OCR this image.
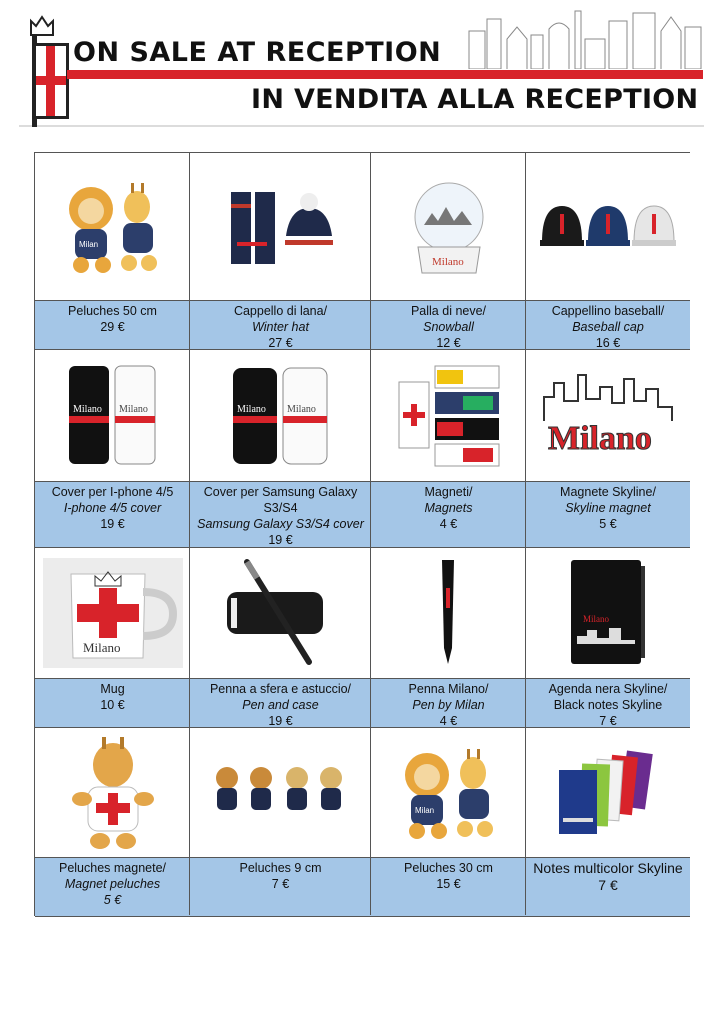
ON SALE AT RECEPTION
IN VENDITA ALLA RECEPTION
Milan
Peluches 50 cm
29 €
Cappello di lana/
Winter hat
27 €
Milano
Palla di neve/
Snowball
12 €
Cappellino baseball/
Baseball cap
16 €
Milano Milano
Cover per I-phone 4/5
I-phone 4/5 cover
19 €
Milano Milano
Cover per Samsung Galaxy
S3/S4
Samsung Galaxy S3/S4 cover
19 €
Magneti/
Magnets
4 €
Milano
Magnete Skyline/
Skyline magnet
5 €
Milano
Mug
10 €
Penna a sfera e astuccio/
Pen and case
19 €
Penna Milano/
Pen by Milan
4 €
Milano
Agenda nera Skyline/
Black notes Skyline
7 €
Peluches magnete/
Magnet peluches
5 €
Peluches 9 cm
7 €
Milan
Peluches 30 cm
15 €
Notes multicolor Skyline
7 €
